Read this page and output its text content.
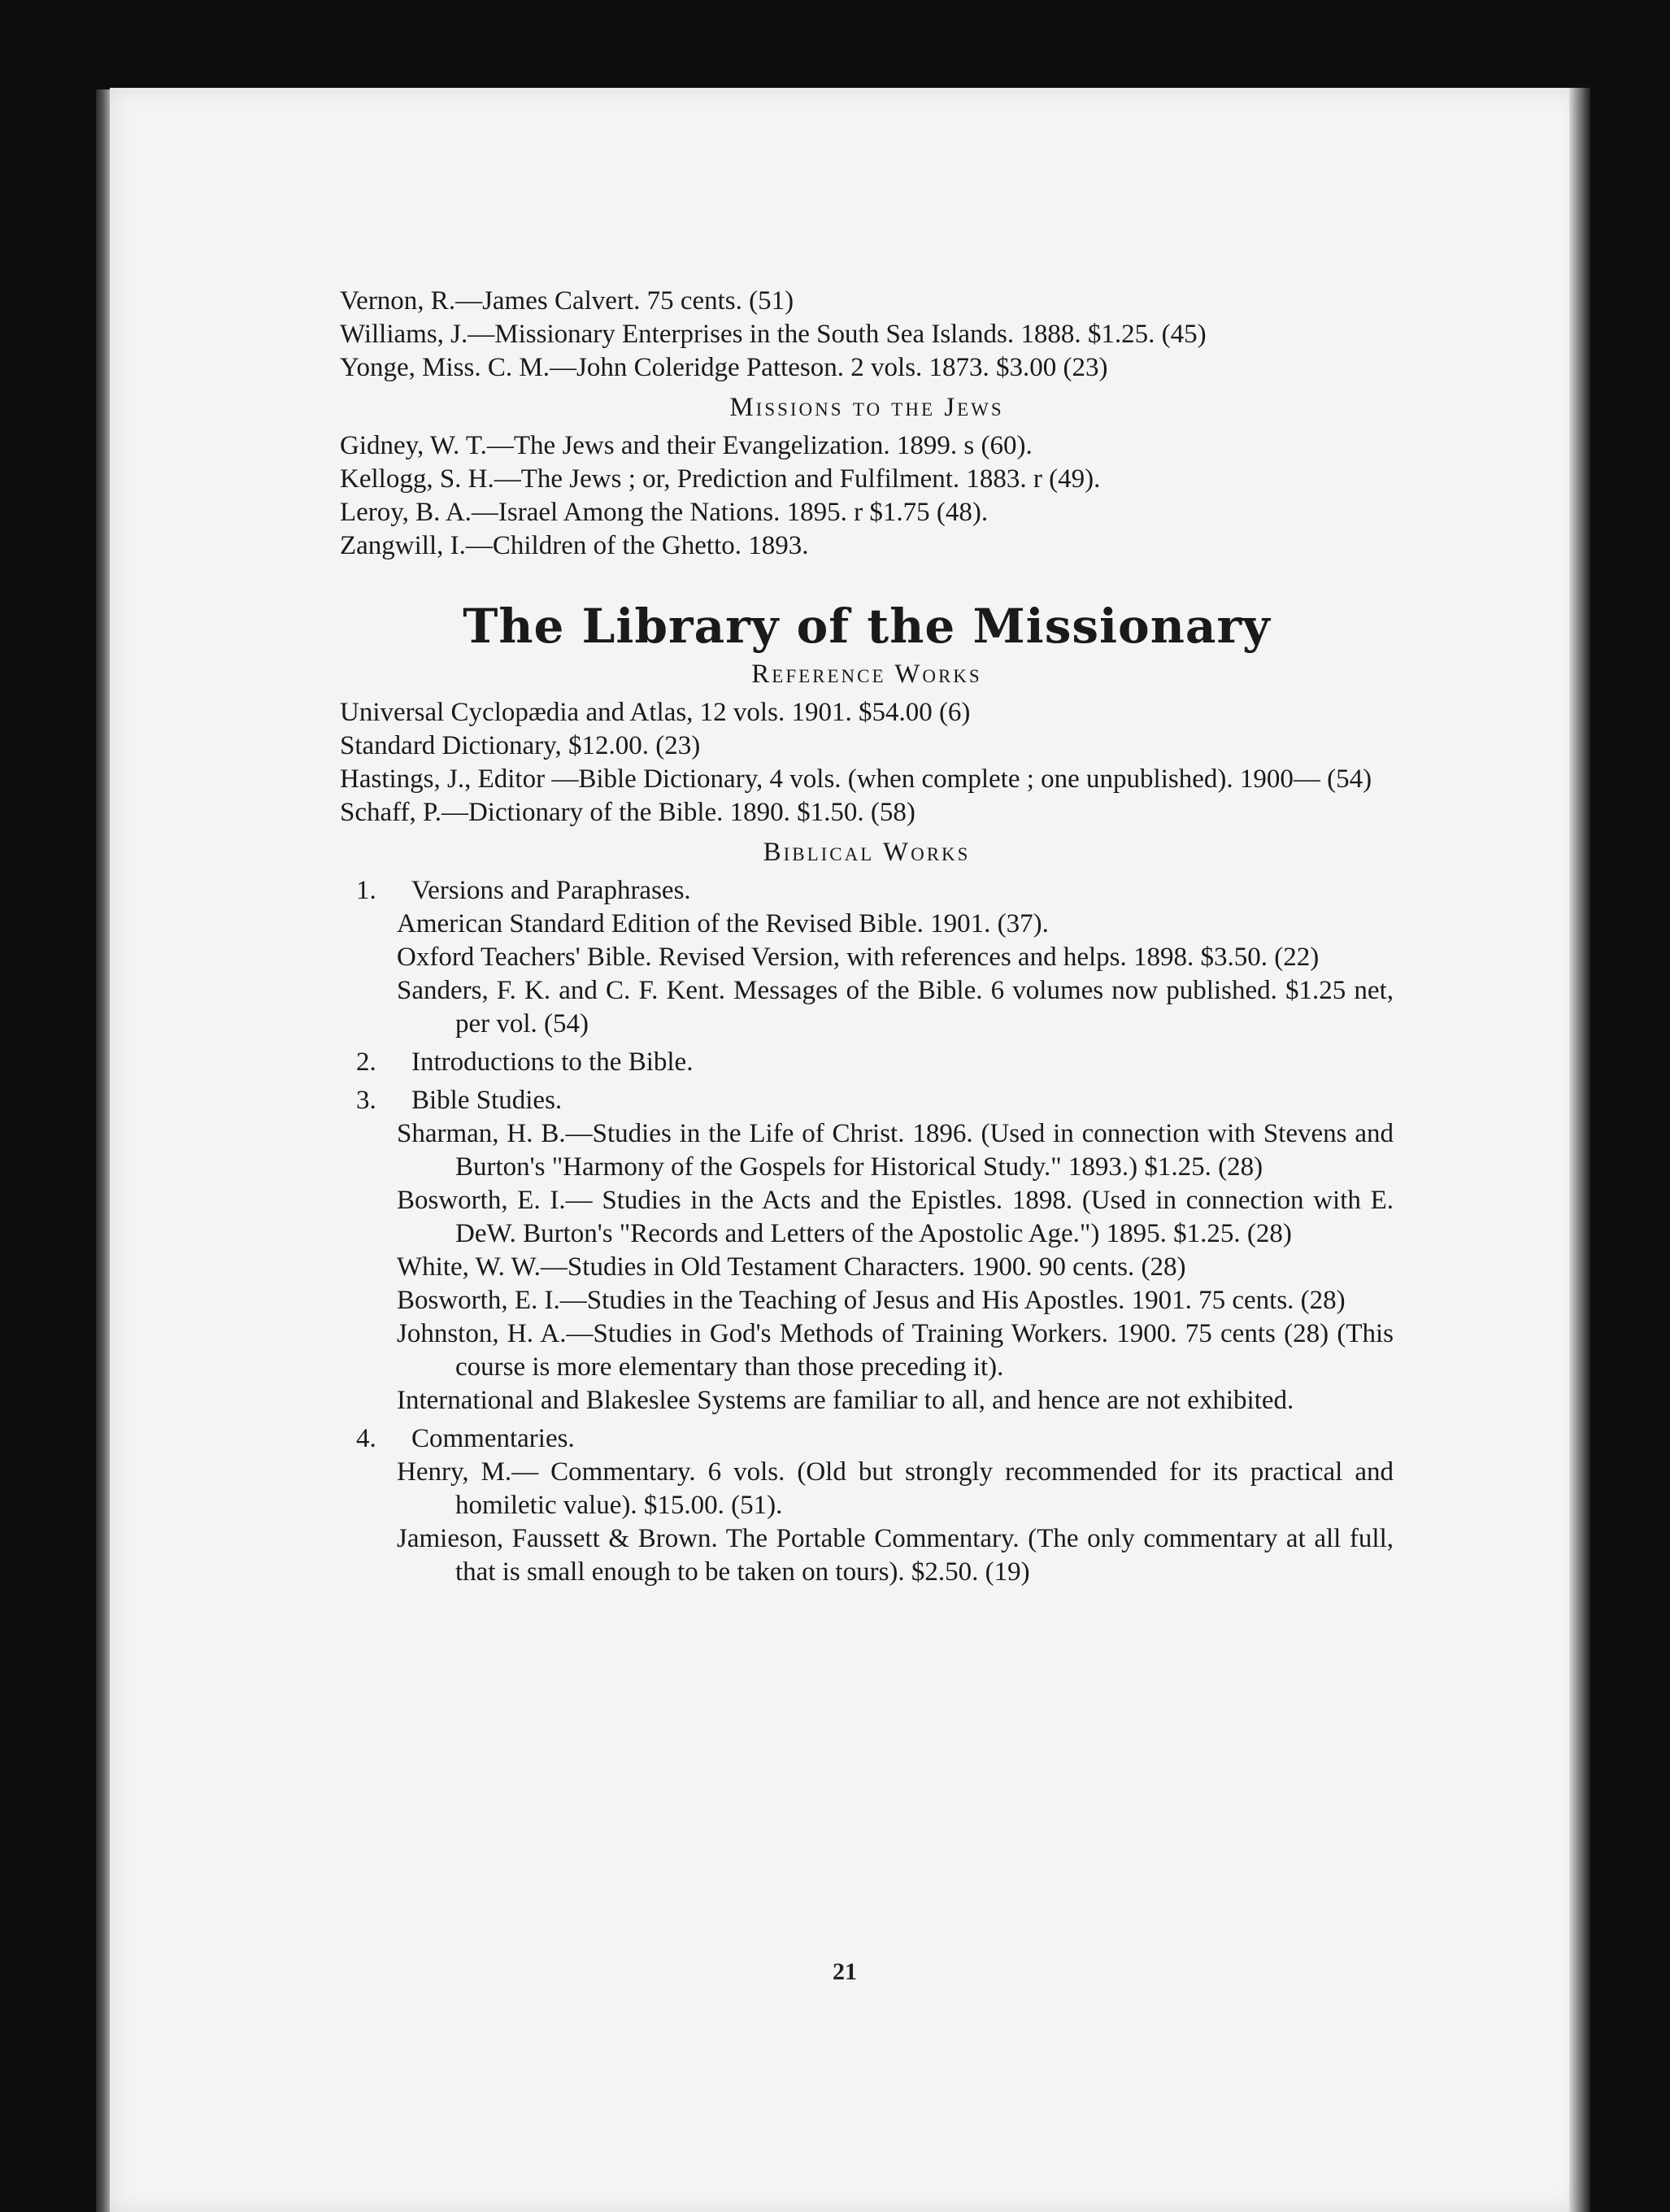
21
Vernon, R.—James Calvert. 75 cents. (51)
Williams, J.—Missionary Enterprises in the South Sea Islands. 1888. $1.25. (45)
Yonge, Miss. C. M.—John Coleridge Patteson. 2 vols. 1873. $3.00 (23)
Missions to the Jews
Gidney, W. T.—The Jews and their Evangelization. 1899. s (60).
Kellogg, S. H.—The Jews ; or, Prediction and Fulfilment. 1883. r (49).
Leroy, B. A.—Israel Among the Nations. 1895. r $1.75 (48).
Zangwill, I.—Children of the Ghetto. 1893.
The Library of the Missionary
Reference Works
Universal Cyclopædia and Atlas, 12 vols. 1901. $54.00 (6)
Standard Dictionary, $12.00. (23)
Hastings, J., Editor —Bible Dictionary, 4 vols. (when complete ; one unpublished). 1900— (54)
Schaff, P.—Dictionary of the Bible. 1890. $1.50. (58)
Biblical Works
1. Versions and Paraphrases.
American Standard Edition of the Revised Bible. 1901. (37).
Oxford Teachers' Bible. Revised Version, with references and helps. 1898. $3.50. (22)
Sanders, F. K. and C. F. Kent. Messages of the Bible. 6 volumes now published. $1.25 net, per vol. (54)
2. Introductions to the Bible.
3. Bible Studies.
Sharman, H. B.—Studies in the Life of Christ. 1896. (Used in connection with Stevens and Burton's "Harmony of the Gospels for Historical Study." 1893.) $1.25. (28)
Bosworth, E. I.— Studies in the Acts and the Epistles. 1898. (Used in connection with E. DeW. Burton's "Records and Letters of the Apostolic Age.") 1895. $1.25. (28)
White, W. W.—Studies in Old Testament Characters. 1900. 90 cents. (28)
Bosworth, E. I.—Studies in the Teaching of Jesus and His Apostles. 1901. 75 cents. (28)
Johnston, H. A.—Studies in God's Methods of Training Workers. 1900. 75 cents (28) (This course is more elementary than those preceding it).
International and Blakeslee Systems are familiar to all, and hence are not exhibited.
4. Commentaries.
Henry, M.— Commentary. 6 vols. (Old but strongly recommended for its practical and homiletic value). $15.00. (51).
Jamieson, Faussett & Brown. The Portable Commentary. (The only commentary at all full, that is small enough to be taken on tours). $2.50. (19)
